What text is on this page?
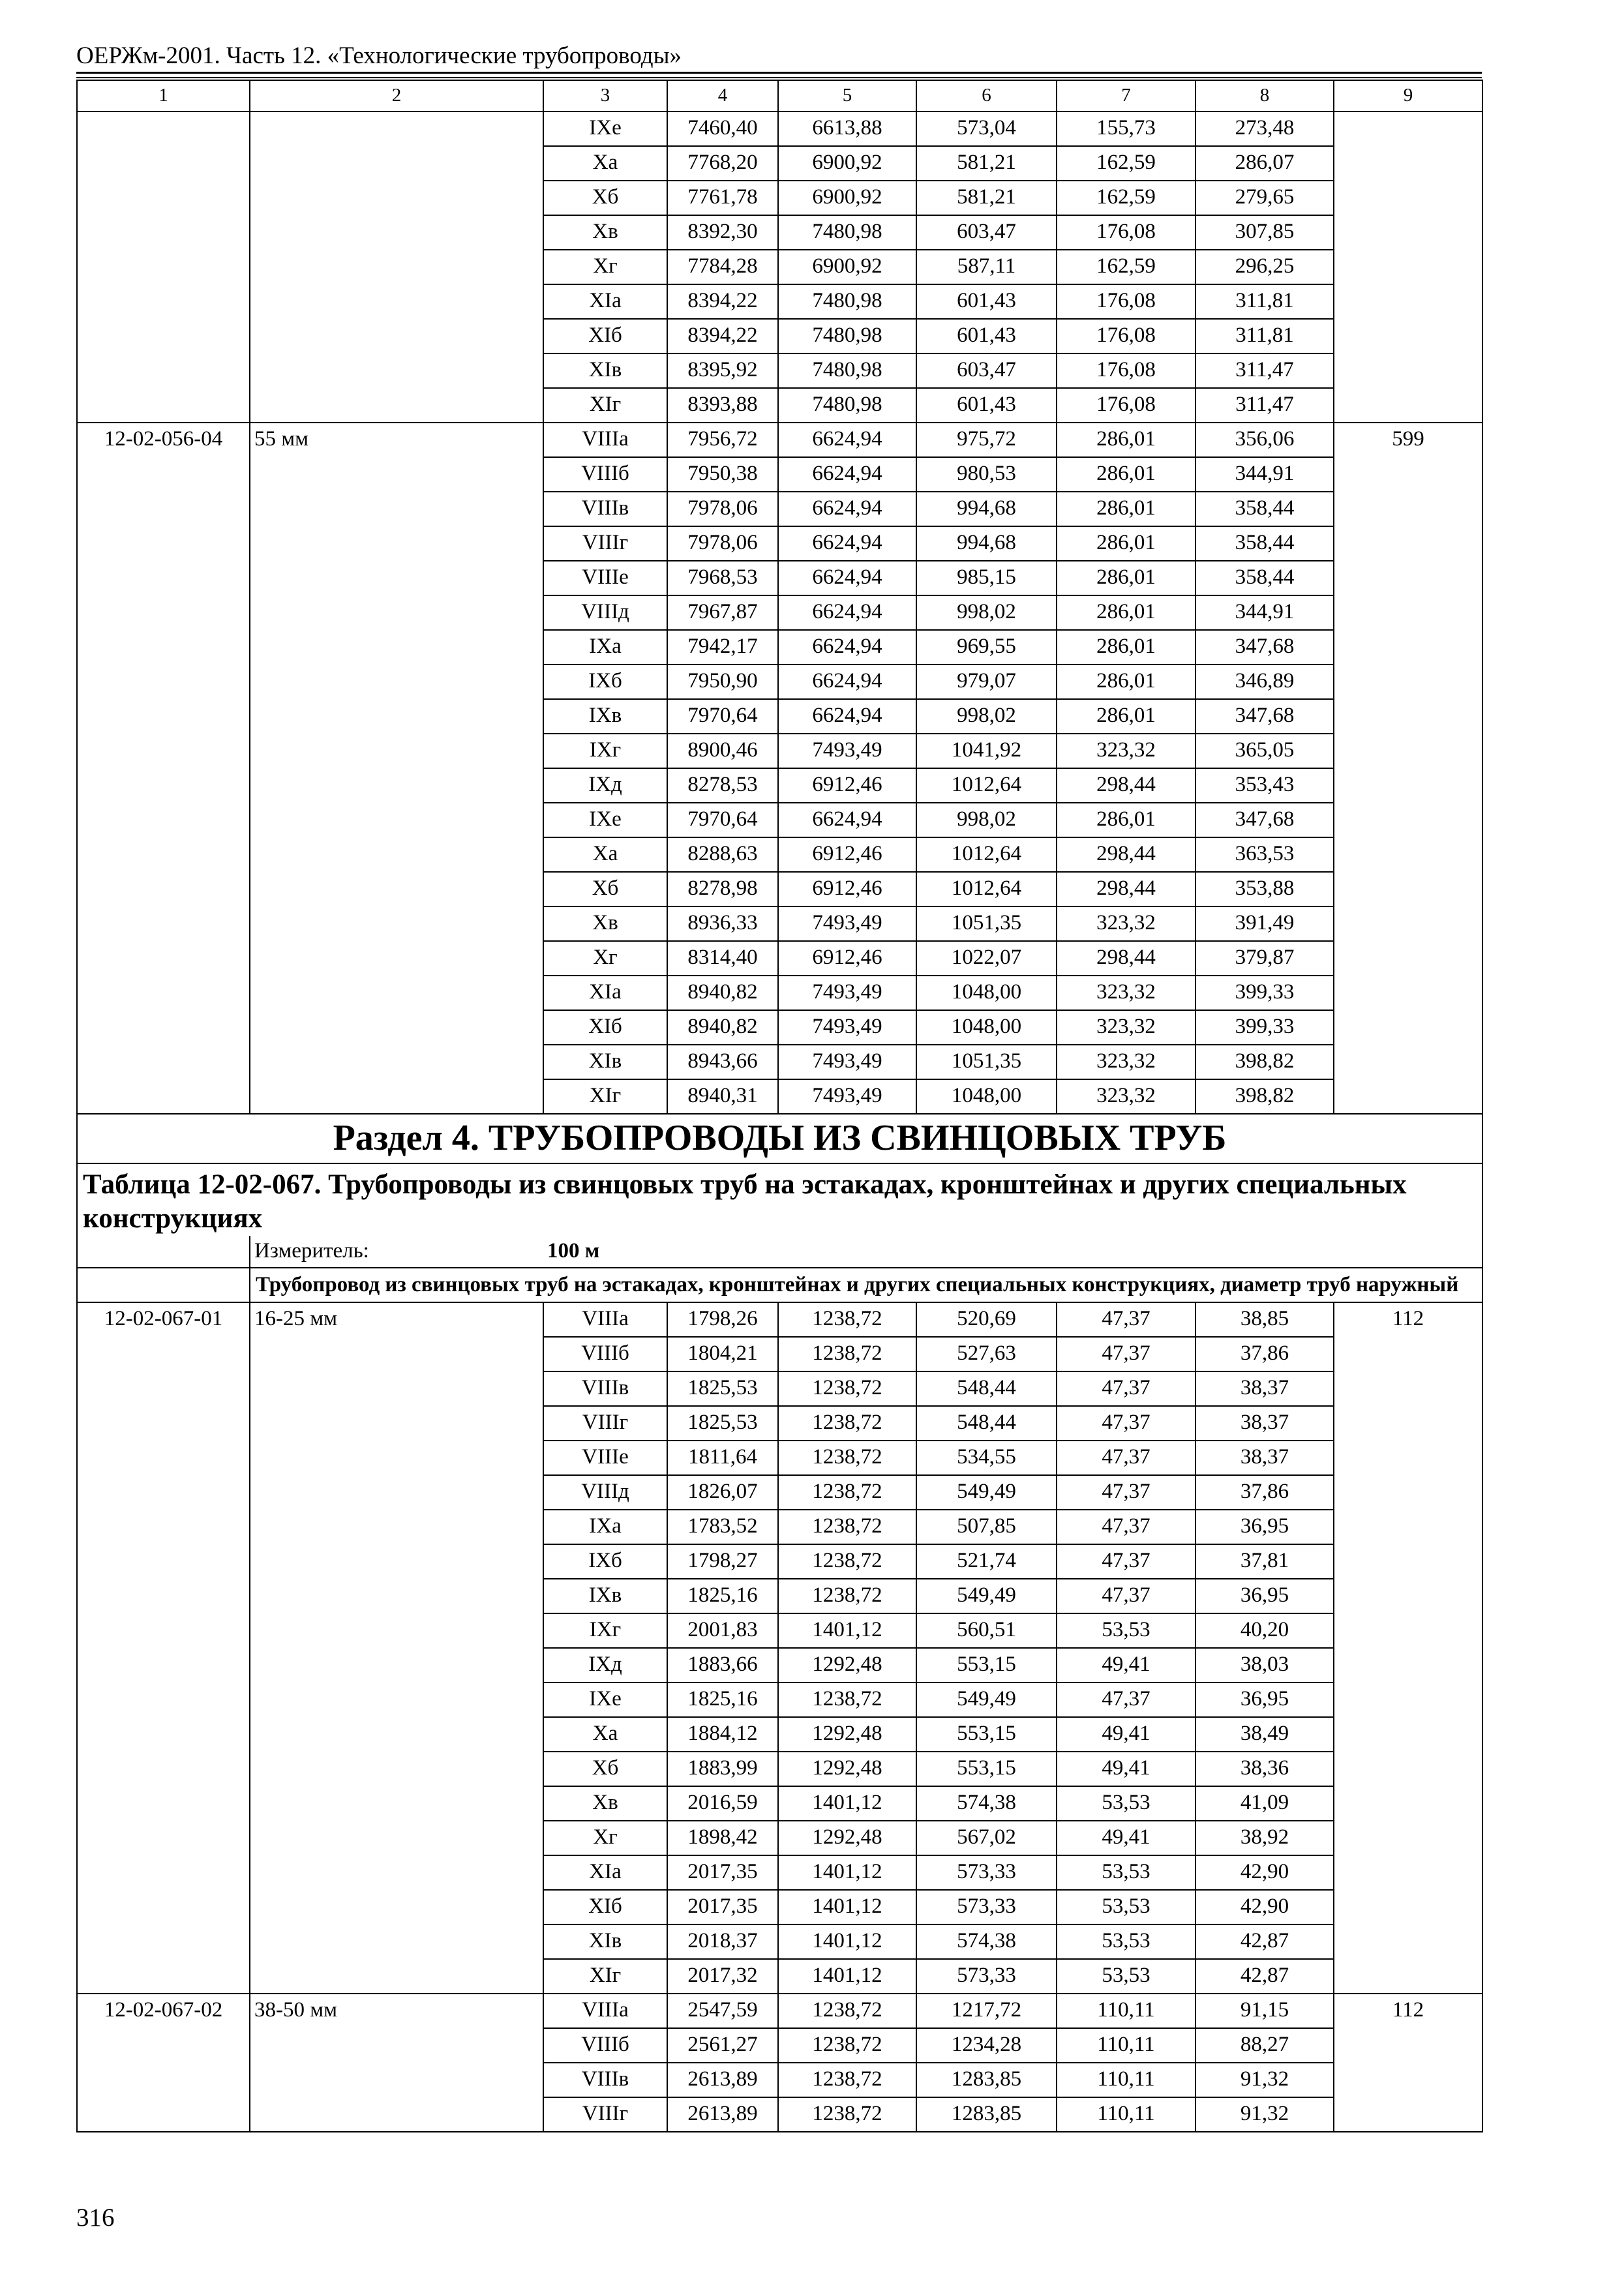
ОЕРЖм-2001. Часть 12. «Технологические трубопроводы»
1	2	3	4	5	6	7	8	9
		IXe	7460,40	6613,88	573,04	155,73	273,48	
		Xa	7768,20	6900,92	581,21	162,59	286,07	
		Xб	7761,78	6900,92	581,21	162,59	279,65	
		Xв	8392,30	7480,98	603,47	176,08	307,85	
		Xг	7784,28	6900,92	587,11	162,59	296,25	
		XIa	8394,22	7480,98	601,43	176,08	311,81	
		XIб	8394,22	7480,98	601,43	176,08	311,81	
		XIв	8395,92	7480,98	603,47	176,08	311,47	
		XIг	8393,88	7480,98	601,43	176,08	311,47	
12-02-056-04	55 мм	VIIIa	7956,72	6624,94	975,72	286,01	356,06	599
		VIIIб	7950,38	6624,94	980,53	286,01	344,91	
		VIIIв	7978,06	6624,94	994,68	286,01	358,44	
		VIIIг	7978,06	6624,94	994,68	286,01	358,44	
		VIIIe	7968,53	6624,94	985,15	286,01	358,44	
		VIIIд	7967,87	6624,94	998,02	286,01	344,91	
		IXa	7942,17	6624,94	969,55	286,01	347,68	
		IXб	7950,90	6624,94	979,07	286,01	346,89	
		IXв	7970,64	6624,94	998,02	286,01	347,68	
		IXг	8900,46	7493,49	1041,92	323,32	365,05	
		IXд	8278,53	6912,46	1012,64	298,44	353,43	
		IXe	7970,64	6624,94	998,02	286,01	347,68	
		Xa	8288,63	6912,46	1012,64	298,44	363,53	
		Xб	8278,98	6912,46	1012,64	298,44	353,88	
		Xв	8936,33	7493,49	1051,35	323,32	391,49	
		Xг	8314,40	6912,46	1022,07	298,44	379,87	
		XIa	8940,82	7493,49	1048,00	323,32	399,33	
		XIб	8940,82	7493,49	1048,00	323,32	399,33	
		XIв	8943,66	7493,49	1051,35	323,32	398,82	
		XIг	8940,31	7493,49	1048,00	323,32	398,82	
Раздел 4. ТРУБОПРОВОДЫ ИЗ СВИНЦОВЫХ ТРУБ								
Таблица 12-02-067. Трубопроводы из свинцовых труб на эстакадах, кронштейнах и других специальных конструкциях								
	Измеритель:	100 м						
	Трубопровод из свинцовых труб на эстакадах, кронштейнах и других специальных конструкциях, диаметр труб наружный							
12-02-067-01	16-25 мм	VIIIa	1798,26	1238,72	520,69	47,37	38,85	112
		VIIIб	1804,21	1238,72	527,63	47,37	37,86	
		VIIIв	1825,53	1238,72	548,44	47,37	38,37	
		VIIIг	1825,53	1238,72	548,44	47,37	38,37	
		VIIIe	1811,64	1238,72	534,55	47,37	38,37	
		VIIIд	1826,07	1238,72	549,49	47,37	37,86	
		IXa	1783,52	1238,72	507,85	47,37	36,95	
		IXб	1798,27	1238,72	521,74	47,37	37,81	
		IXв	1825,16	1238,72	549,49	47,37	36,95	
		IXг	2001,83	1401,12	560,51	53,53	40,20	
		IXд	1883,66	1292,48	553,15	49,41	38,03	
		IXe	1825,16	1238,72	549,49	47,37	36,95	
		Xa	1884,12	1292,48	553,15	49,41	38,49	
		Xб	1883,99	1292,48	553,15	49,41	38,36	
		Xв	2016,59	1401,12	574,38	53,53	41,09	
		Xг	1898,42	1292,48	567,02	49,41	38,92	
		XIa	2017,35	1401,12	573,33	53,53	42,90	
		XIб	2017,35	1401,12	573,33	53,53	42,90	
		XIв	2018,37	1401,12	574,38	53,53	42,87	
		XIг	2017,32	1401,12	573,33	53,53	42,87	
12-02-067-02	38-50 мм	VIIIa	2547,59	1238,72	1217,72	110,11	91,15	112
		VIIIб	2561,27	1238,72	1234,28	110,11	88,27	
		VIIIв	2613,89	1238,72	1283,85	110,11	91,32	
		VIIIг	2613,89	1238,72	1283,85	110,11	91,32	
316
